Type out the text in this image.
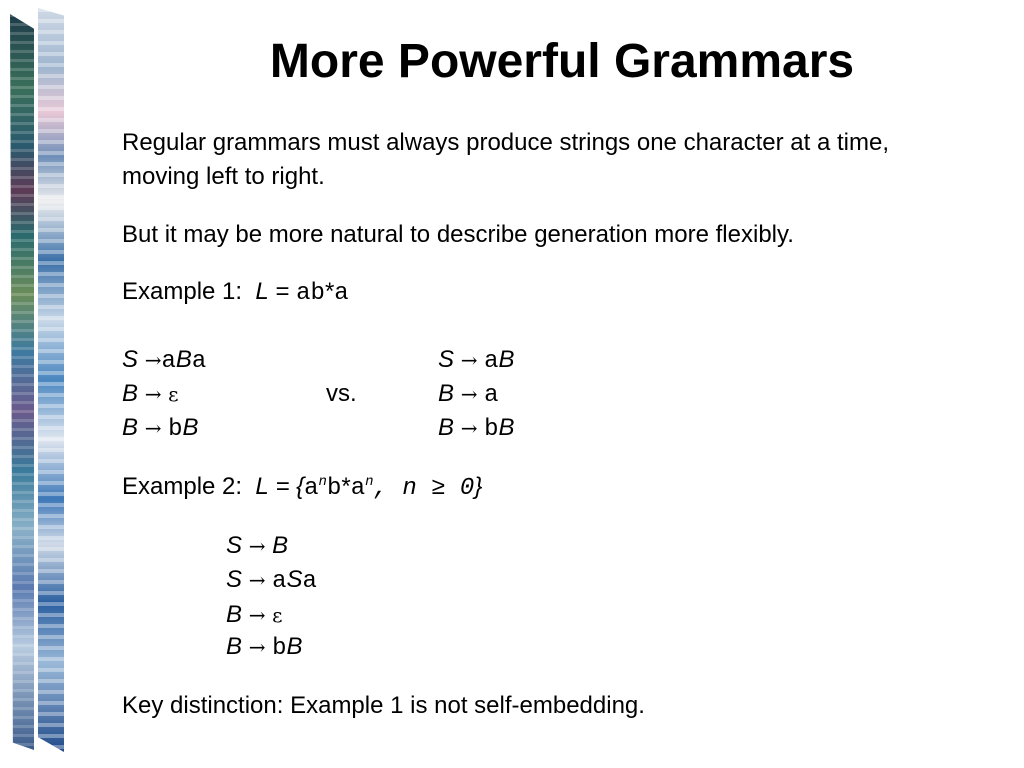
More Powerful Grammars
Regular grammars must always produce strings one character at a time, moving left to right.
But it may be more natural to describe generation more flexibly.
Example 1: L = ab*a
S →aBa
B → ε
B → bB
vs.
S → aB
B → a
B → bB
Example 2: $L = \{a^nb*a^n$, n ≥ 0}
S → B
S → aSa
B → ε
B → bB
Key distinction: Example 1 is not self-embedding.
